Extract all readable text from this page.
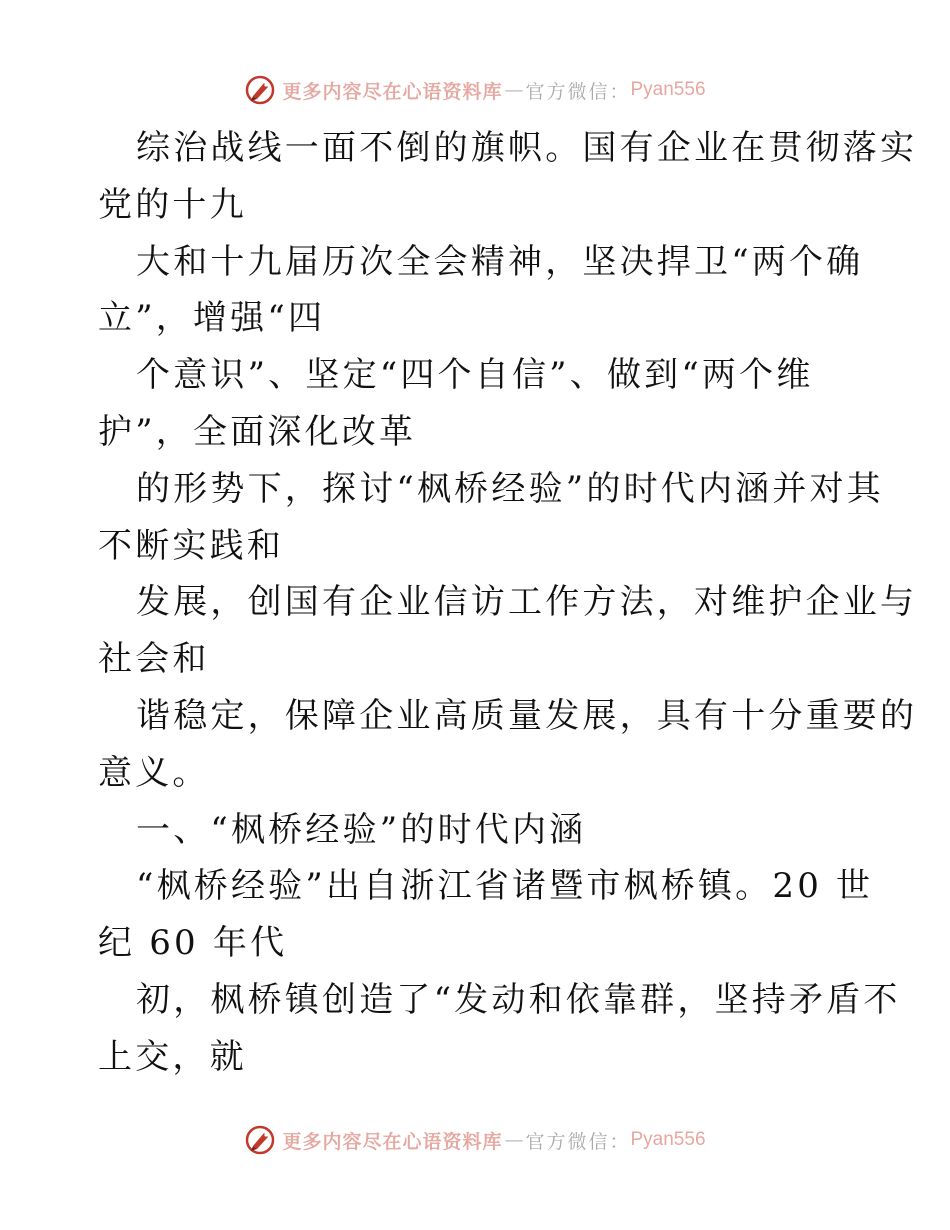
更多内容尽在心语资料库 — 官方微信： Pyan556
综治战线一面不倒的旗帜。国有企业在贯彻落实
党的十九
大和十九届历次全会精神，坚决捍卫“两个确
立”，增强“四
个意识”、坚定“四个自信”、做到“两个维
护”，全面深化改革
的形势下，探讨“枫桥经验”的时代内涵并对其
不断实践和
发展，创国有企业信访工作方法，对维护企业与
社会和
谐稳定，保障企业高质量发展，具有十分重要的
意义。
一、“枫桥经验”的时代内涵
“枫桥经验”出自浙江省诸暨市枫桥镇。20 世
纪 60 年代
初，枫桥镇创造了“发动和依靠群，坚持矛盾不
上交，就
更多内容尽在心语资料库 — 官方微信： Pyan556
